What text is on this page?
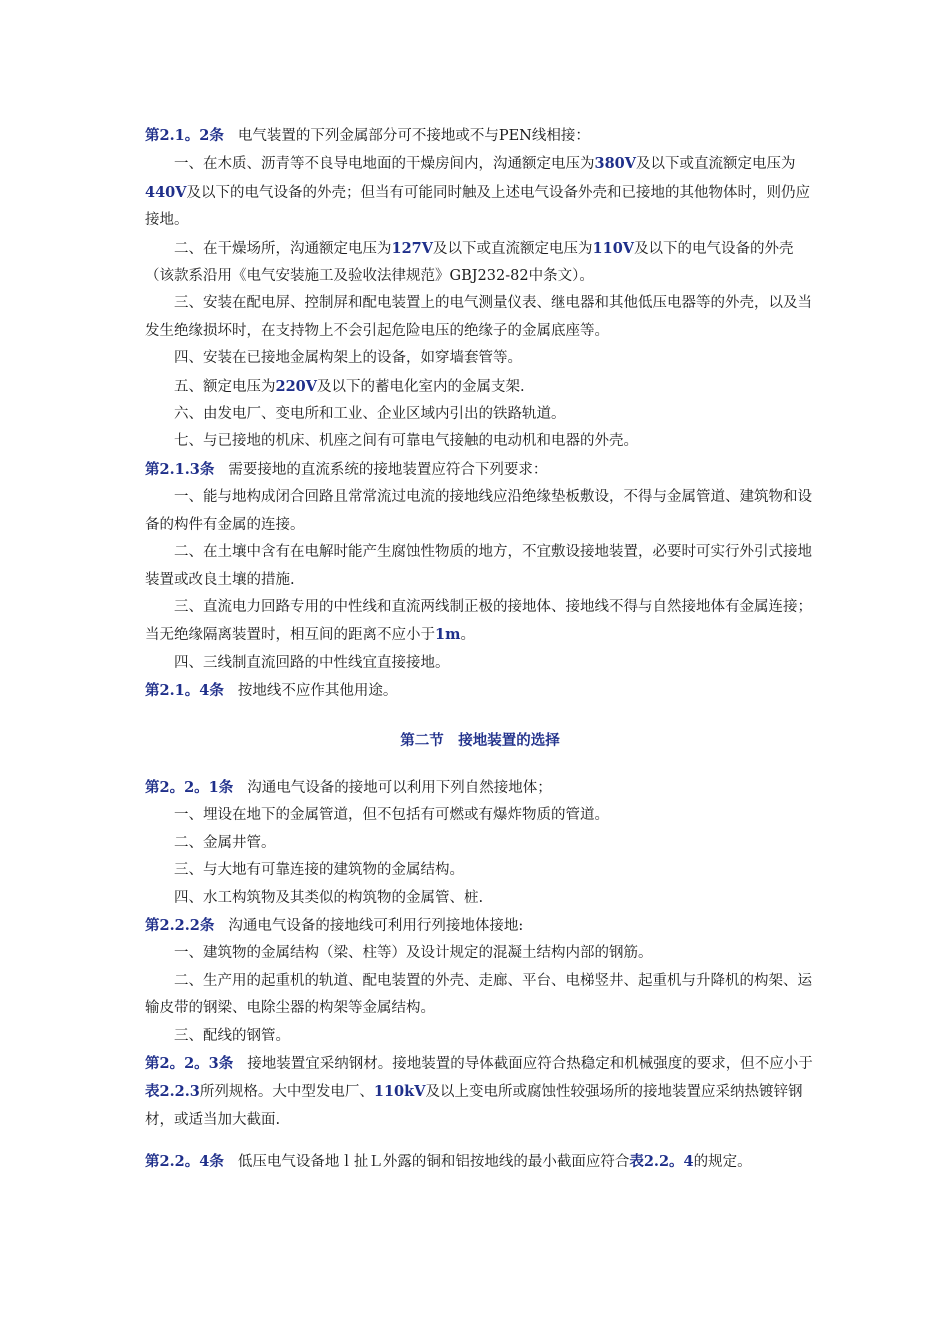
第2.1。2条 电气装置的下列金属部分可不接地或不与PEN线相接：

一、在木质、沥青等不良导电地面的干燥房间内，沟通额定电压为380V及以下或直流额定电压为440V及以下的电气设备的外壳；但当有可能同时触及上述电气设备外壳和已接地的其他物体时，则仍应接地。

二、在干燥场所，沟通额定电压为127V及以下或直流额定电压为110V及以下的电气设备的外壳（该款系沿用《电气安装施工及验收法律规范》GBJ232-82中条文）。

三、安装在配电屏、控制屏和配电装置上的电气测量仪表、继电器和其他低压电器等的外壳，以及当发生绝缘损坏时，在支持物上不会引起危险电压的绝缘子的金属底座等。

四、安装在已接地金属构架上的设备，如穿墙套管等。

五、额定电压为220V及以下的蓄电化室内的金属支架.

六、由发电厂、变电所和工业、企业区域内引出的铁路轨道。

七、与已接地的机床、机座之间有可靠电气接触的电动机和电器的外壳。

第2.1.3条 需要接地的直流系统的接地装置应符合下列要求：

一、能与地构成闭合回路且常常流过电流的接地线应沿绝缘垫板敷设，不得与金属管道、建筑物和设备的构件有金属的连接。

二、在土壤中含有在电解时能产生腐蚀性物质的地方，不宜敷设接地装置，必要时可实行外引式接地装置或改良土壤的措施.

三、直流电力回路专用的中性线和直流两线制正极的接地体、接地线不得与自然接地体有金属连接；当无绝缘隔离装置时，相互间的距离不应小于1m。

四、三线制直流回路的中性线宜直接接地。

第2.1。4条 按地线不应作其他用途。

第二节　接地装置的选择

第2。2。1条 沟通电气设备的接地可以利用下列自然接地体；

一、埋设在地下的金属管道，但不包括有可燃或有爆炸物质的管道。

二、金属井管。

三、与大地有可靠连接的建筑物的金属结构。

四、水工构筑物及其类似的构筑物的金属管、桩.

第2.2.2条 沟通电气设备的接地线可利用行列接地体接地:

一、建筑物的金属结构（梁、柱等）及设计规定的混凝土结构内部的钢筋。

二、生产用的起重机的轨道、配电装置的外壳、走廊、平台、电梯竖井、起重机与升降机的构架、运输皮带的钢梁、电除尘器的构架等金属结构。

三、配线的钢管。

第2。2。3条 接地装置宜采纳钢材。接地装置的导体截面应符合热稳定和机械强度的要求，但不应小于表2.2.3所列规格。大中型发电厂、110kV及以上变电所或腐蚀性较强场所的接地装置应采纳热镀锌钢材，或适当加大截面.

第2.2。4条 低压电气设备地ｌ扯Ｌ外露的铜和铝按地线的最小截面应符合表2.2。4的规定。
